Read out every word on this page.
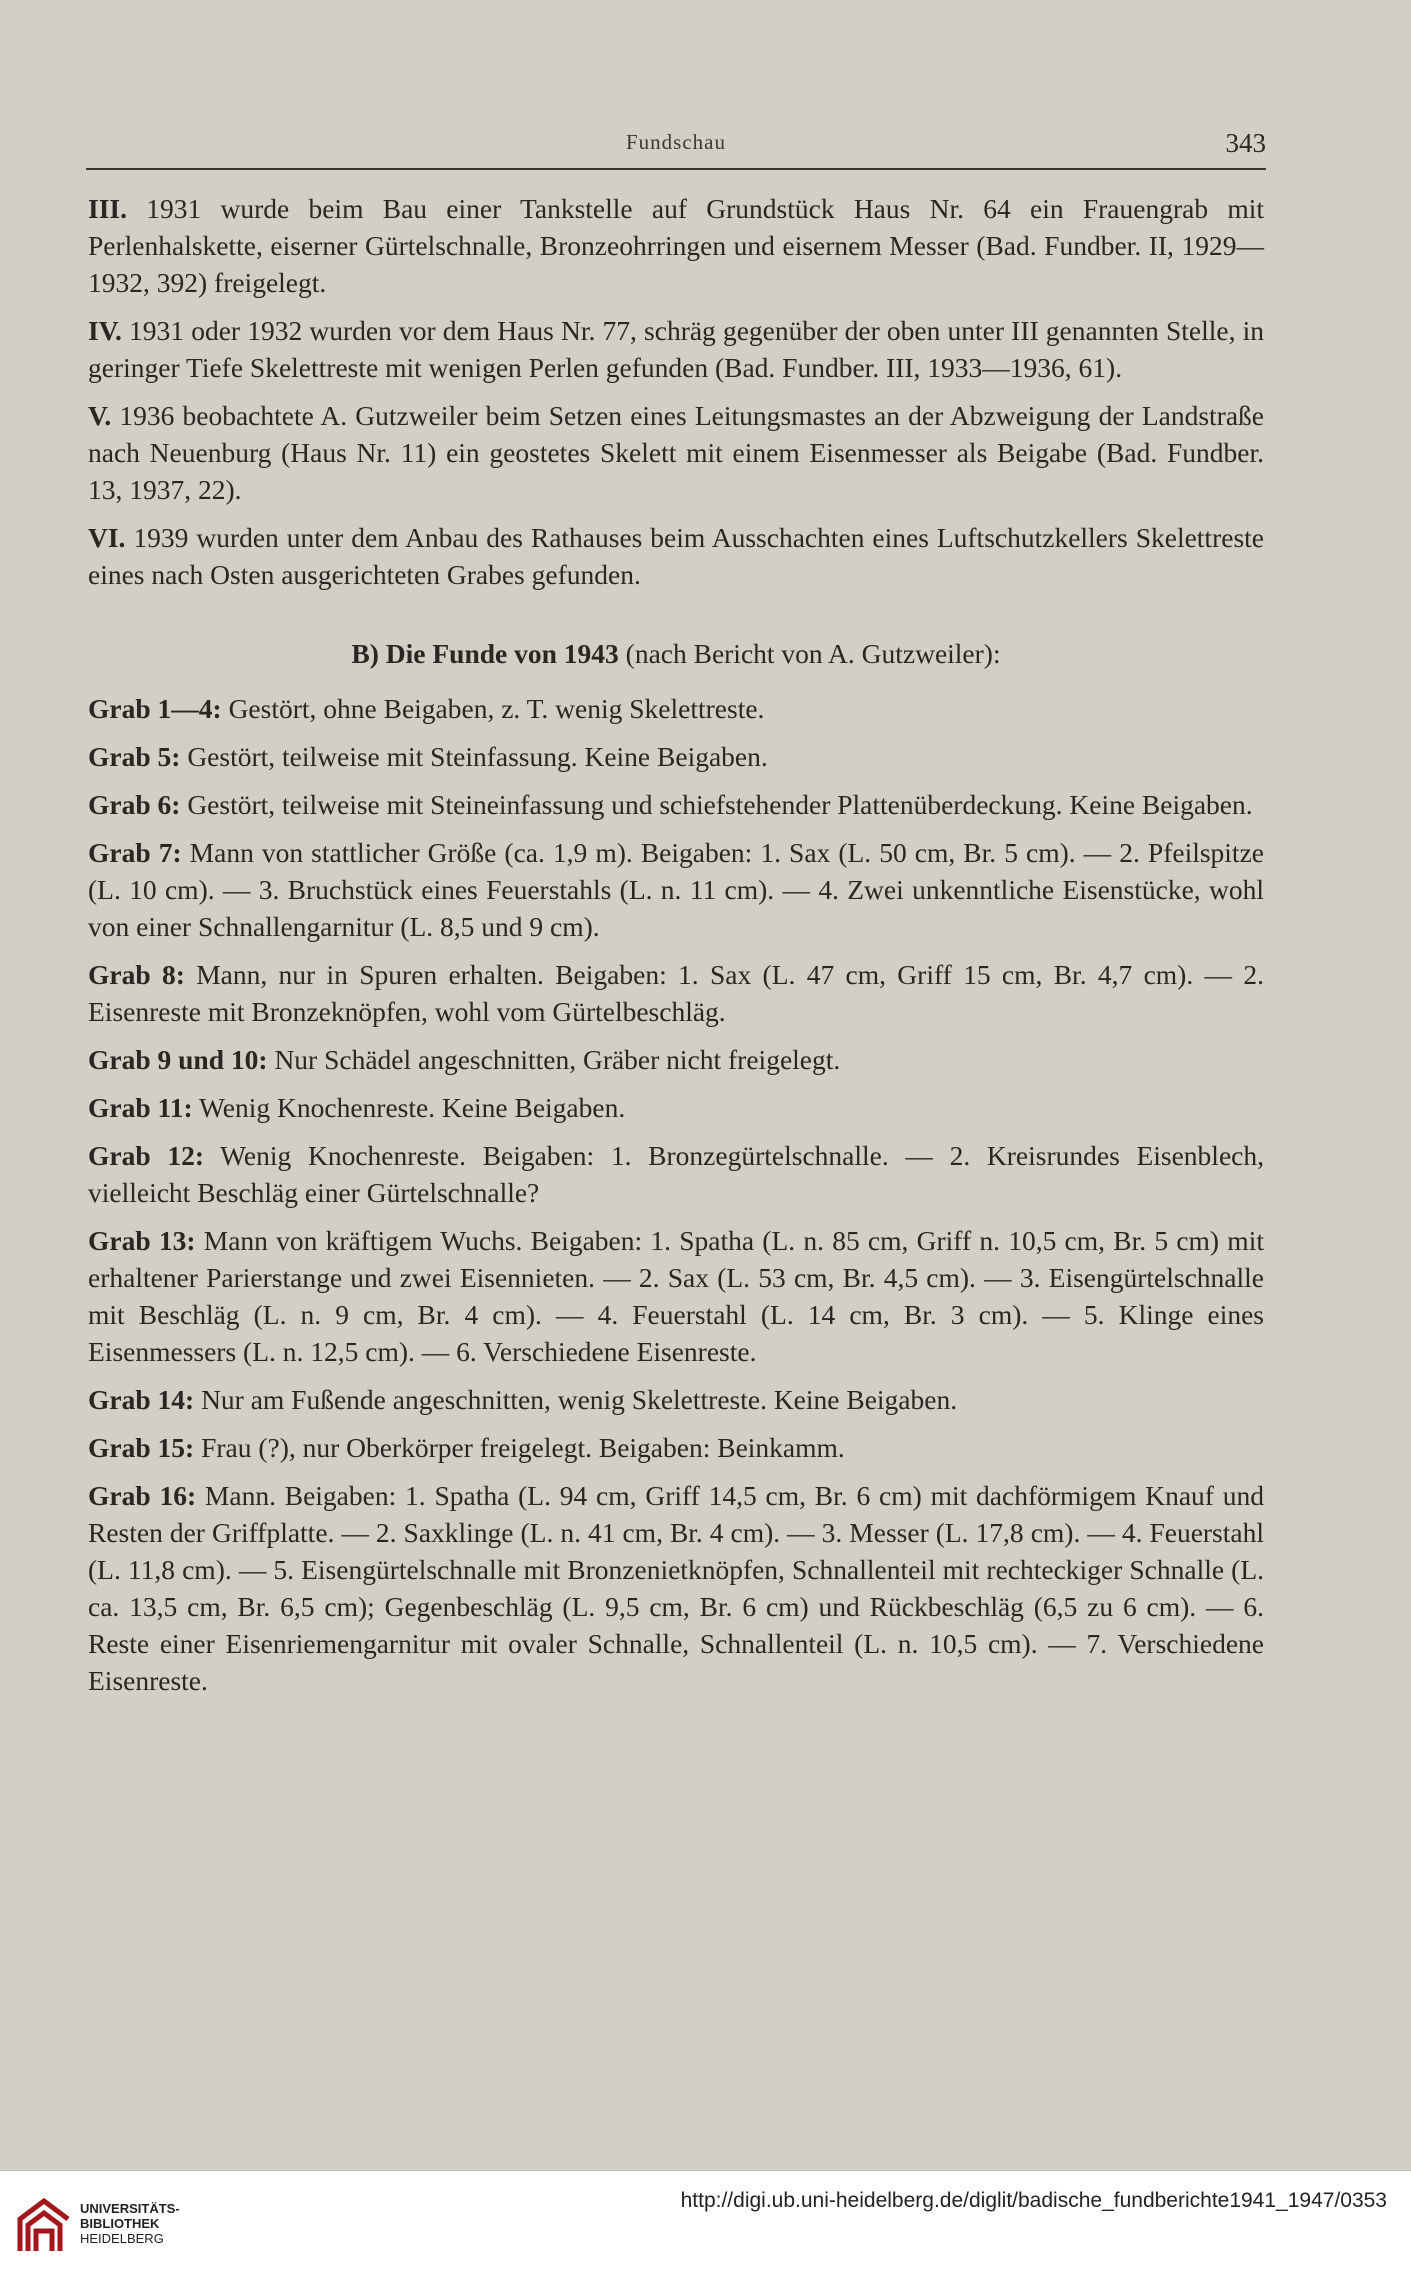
Fundschau	343

III. 1931 wurde beim Bau einer Tankstelle auf Grundstück Haus Nr. 64 ein Frauengrab mit Perlenhalskette, eiserner Gürtelschnalle, Bronzeohrringen und eisernem Messer (Bad. Fundber. II, 1929—1932, 392) freigelegt.

IV. 1931 oder 1932 wurden vor dem Haus Nr. 77, schräg gegenüber der oben unter III genannten Stelle, in geringer Tiefe Skelettreste mit wenigen Perlen gefunden (Bad. Fundber. III, 1933—1936, 61).

V. 1936 beobachtete A. Gutzweiler beim Setzen eines Leitungsmastes an der Abzweigung der Landstraße nach Neuenburg (Haus Nr. 11) ein geostetes Skelett mit einem Eisenmesser als Beigabe (Bad. Fundber. 13, 1937, 22).

VI. 1939 wurden unter dem Anbau des Rathauses beim Ausschachten eines Luftschutzkellers Skelettreste eines nach Osten ausgerichteten Grabes gefunden.

B) Die Funde von 1943 (nach Bericht von A. Gutzweiler):

Grab 1—4: Gestört, ohne Beigaben, z. T. wenig Skelettreste.

Grab 5: Gestört, teilweise mit Steinfassung. Keine Beigaben.

Grab 6: Gestört, teilweise mit Steineinfassung und schiefstehender Plattenüberdeckung. Keine Beigaben.

Grab 7: Mann von stattlicher Größe (ca. 1,9 m). Beigaben: 1. Sax (L. 50 cm, Br. 5 cm). — 2. Pfeilspitze (L. 10 cm). — 3. Bruchstück eines Feuerstahls (L. n. 11 cm). — 4. Zwei unkenntliche Eisenstücke, wohl von einer Schnallengarnitur (L. 8,5 und 9 cm).

Grab 8: Mann, nur in Spuren erhalten. Beigaben: 1. Sax (L. 47 cm, Griff 15 cm, Br. 4,7 cm). — 2. Eisenreste mit Bronzeknöpfen, wohl vom Gürtelbeschläg.

Grab 9 und 10: Nur Schädel angeschnitten, Gräber nicht freigelegt.

Grab 11: Wenig Knochenreste. Keine Beigaben.

Grab 12: Wenig Knochenreste. Beigaben: 1. Bronzegürtelschnalle. — 2. Kreisrundes Eisenblech, vielleicht Beschläg einer Gürtelschnalle?

Grab 13: Mann von kräftigem Wuchs. Beigaben: 1. Spatha (L. n. 85 cm, Griff n. 10,5 cm, Br. 5 cm) mit erhaltener Parierstange und zwei Eisennieten. — 2. Sax (L. 53 cm, Br. 4,5 cm). — 3. Eisengürtelschnalle mit Beschläg (L. n. 9 cm, Br. 4 cm). — 4. Feuerstahl (L. 14 cm, Br. 3 cm). — 5. Klinge eines Eisenmessers (L. n. 12,5 cm). — 6. Verschiedene Eisenreste.

Grab 14: Nur am Fußende angeschnitten, wenig Skelettreste. Keine Beigaben.

Grab 15: Frau (?), nur Oberkörper freigelegt. Beigaben: Beinkamm.

Grab 16: Mann. Beigaben: 1. Spatha (L. 94 cm, Griff 14,5 cm, Br. 6 cm) mit dachförmigem Knauf und Resten der Griffplatte. — 2. Saxklinge (L. n. 41 cm, Br. 4 cm). — 3. Messer (L. 17,8 cm). — 4. Feuerstahl (L. 11,8 cm). — 5. Eisengürtelschnalle mit Bronzenietknöpfen, Schnallenteil mit rechteckiger Schnalle (L. ca. 13,5 cm, Br. 6,5 cm); Gegenbeschläg (L. 9,5 cm, Br. 6 cm) und Rückbeschläg (6,5 zu 6 cm). — 6. Reste einer Eisenriemengarnitur mit ovaler Schnalle, Schnallenteil (L. n. 10,5 cm). — 7. Verschiedene Eisenreste.

UNIVERSITÄTS-
BIBLIOTHEK
HEIDELBERG
http://digi.ub.uni-heidelberg.de/diglit/badische_fundberichte1941_1947/0353
